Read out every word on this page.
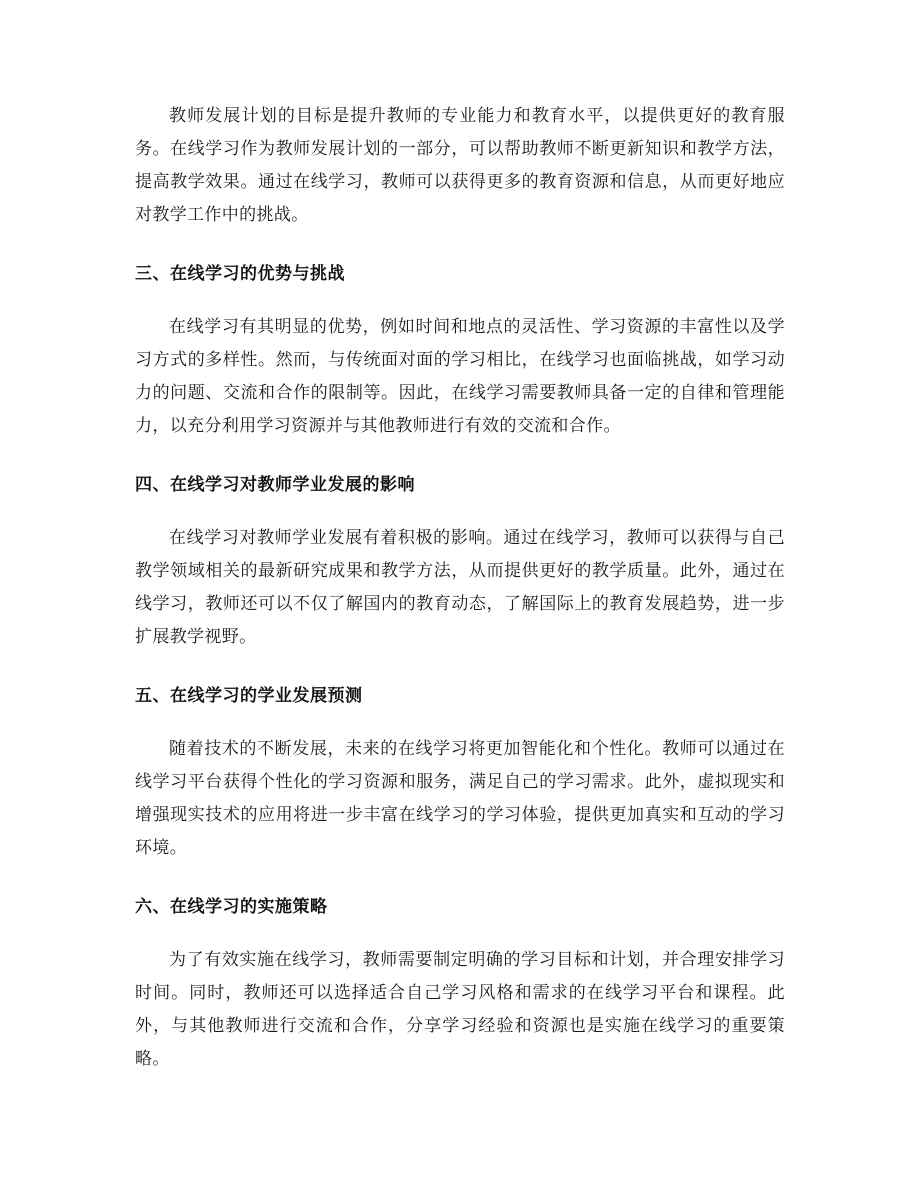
教师发展计划的目标是提升教师的专业能力和教育水平，以提供更好的教育服务。在线学习作为教师发展计划的一部分，可以帮助教师不断更新知识和教学方法，提高教学效果。通过在线学习，教师可以获得更多的教育资源和信息，从而更好地应对教学工作中的挑战。

三、在线学习的优势与挑战

在线学习有其明显的优势，例如时间和地点的灵活性、学习资源的丰富性以及学习方式的多样性。然而，与传统面对面的学习相比，在线学习也面临挑战，如学习动力的问题、交流和合作的限制等。因此，在线学习需要教师具备一定的自律和管理能力，以充分利用学习资源并与其他教师进行有效的交流和合作。

四、在线学习对教师学业发展的影响

在线学习对教师学业发展有着积极的影响。通过在线学习，教师可以获得与自己教学领域相关的最新研究成果和教学方法，从而提供更好的教学质量。此外，通过在线学习，教师还可以不仅了解国内的教育动态，了解国际上的教育发展趋势，进一步扩展教学视野。

五、在线学习的学业发展预测

随着技术的不断发展，未来的在线学习将更加智能化和个性化。教师可以通过在线学习平台获得个性化的学习资源和服务，满足自己的学习需求。此外，虚拟现实和增强现实技术的应用将进一步丰富在线学习的学习体验，提供更加真实和互动的学习环境。

六、在线学习的实施策略

为了有效实施在线学习，教师需要制定明确的学习目标和计划，并合理安排学习时间。同时，教师还可以选择适合自己学习风格和需求的在线学习平台和课程。此外，与其他教师进行交流和合作，分享学习经验和资源也是实施在线学习的重要策略。
